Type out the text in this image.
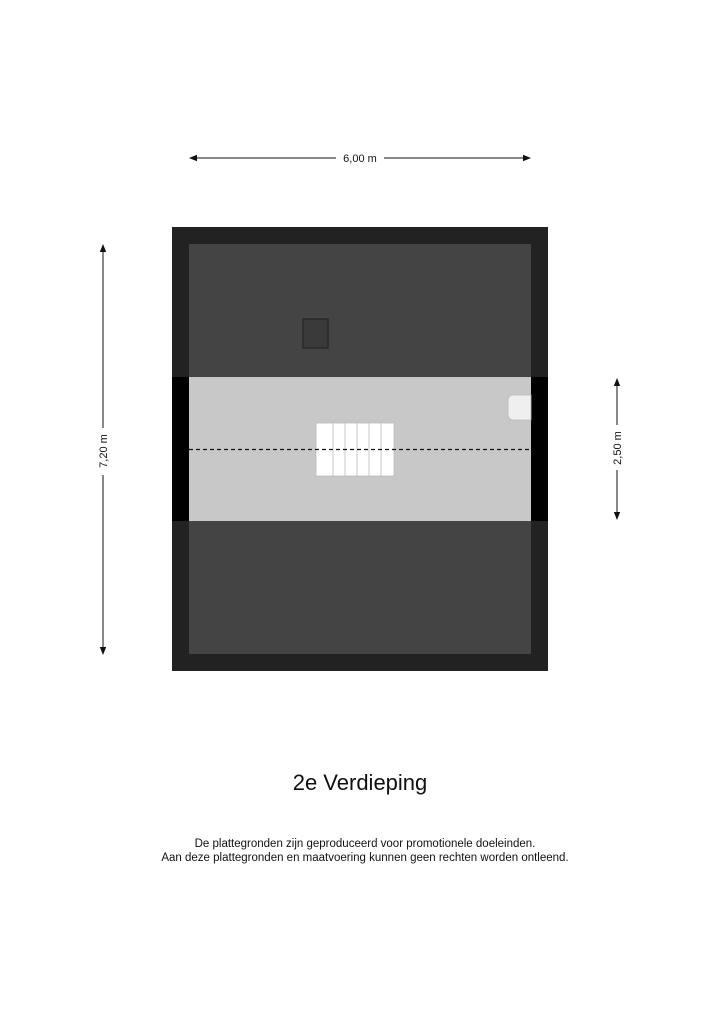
6,00 m
7,20 m	2,50 m
2e Verdieping
De plattegronden zijn geproduceerd voor promotionele doeleinden.
Aan deze plattegronden en maatvoering kunnen geen rechten worden ontleend.
